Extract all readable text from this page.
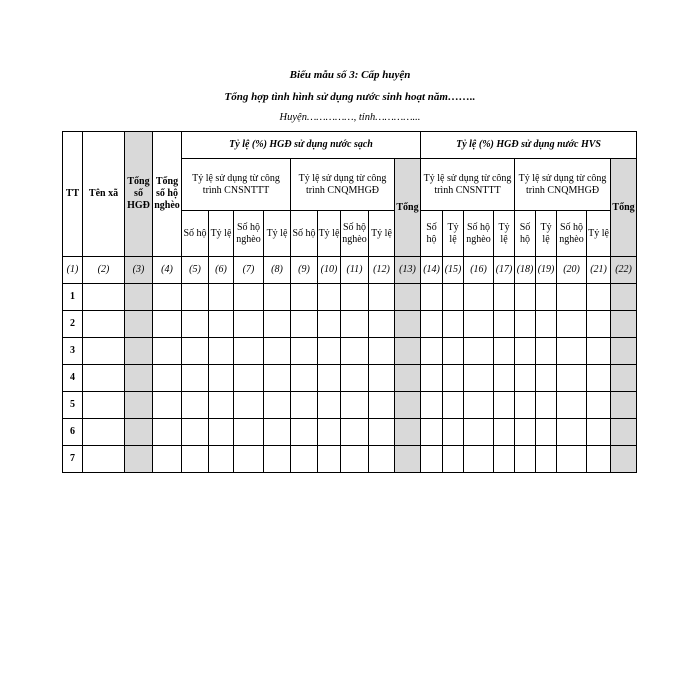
Biểu mẫu số 3: Cấp huyện
Tổng hợp tình hình sử dụng nước sinh hoạt năm……..
Huyện……………, tỉnh…………...
TT	Tên xã	Tổng số HGĐ	Tổng số hộ nghèo	Tỷ lệ (%) HGĐ sử dụng nước sạch									Tỷ lệ (%) HGĐ sử dụng nước HVS								
				Tỷ lệ sử dụng từ công trình CNSNTTT				Tỷ lệ sử dụng từ công trình CNQMHGĐ				Tổng	Tỷ lệ sử dụng từ công trình CNSNTTT				Tỷ lệ sử dụng từ công trình CNQMHGĐ				Tổng
				Số hộ	Tỷ lệ	Số hộ nghèo	Tỷ lệ	Số hộ	Tỷ lệ	Số hộ nghèo	Tỷ lệ		Số hộ	Tỷ lệ	Số hộ nghèo	Tỷ lệ	Số hộ	Tỷ lệ	Số hộ nghèo	Tỷ lệ	
(1)	(2)	(3)	(4)	(5)	(6)	(7)	(8)	(9)	(10)	(11)	(12)	(13)	(14)	(15)	(16)	(17)	(18)	(19)	(20)	(21)	(22)
1																					
2																					
3																					
4																					
5																					
6																					
7																					
